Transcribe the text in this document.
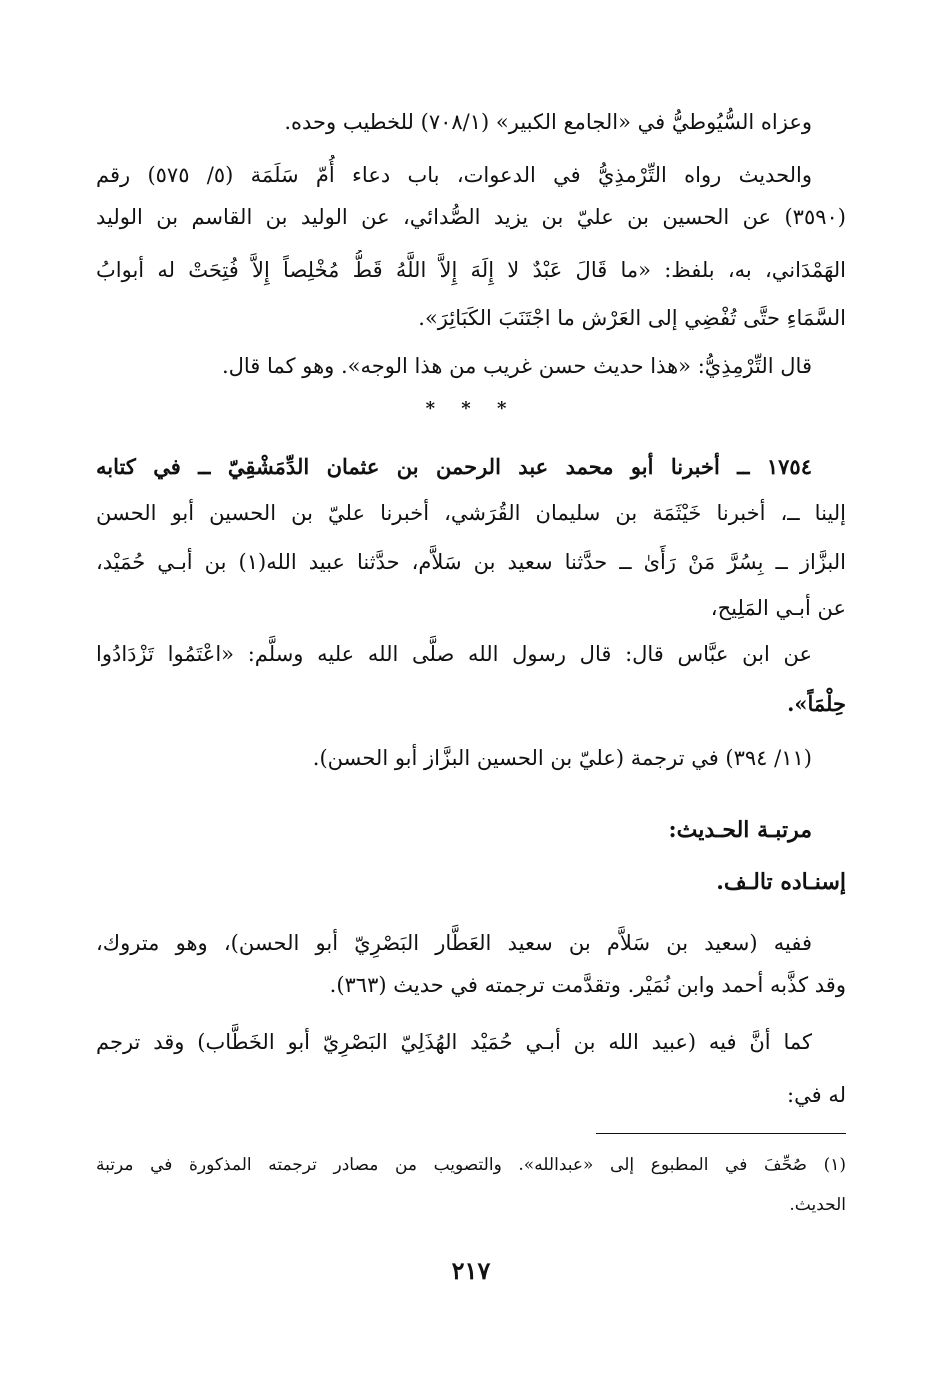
وعزاه السُّيُوطيُّ في «الجامع الكبير» (٧٠٨/١) للخطيب وحده.
والحديث رواه التِّرْمذِيُّ في الدعوات، باب دعاء أُمّ سَلَمَة (٥/ ٥٧٥) رقم
(٣٥٩٠) عن الحسين بن عليّ بن يزيد الصُّدائي، عن الوليد بن القاسم بن الوليد
الهَمْدَاني، به، بلفظ: «ما قَالَ عَبْدٌ لا إِلَهَ إِلاَّ اللَّهُ قَطُّ مُخْلِصاً إِلاَّ فُتِحَتْ له أبوابُ
السَّمَاءِ حتَّى تُفْضِي إلى العَرْش ما اجْتَنَبَ الكَبَائِرَ».
قال التِّرْمِذِيُّ: «هذا حديث حسن غريب من هذا الوجه». وهو كما قال.
* * *
١٧٥٤ ــ أخبرنا أبو محمد عبد الرحمن بن عثمان الدِّمَشْقِيّ ــ في كتابه
إلينا ــ، أخبرنا خَيْثَمَة بن سليمان القُرَشي، أخبرنا عليّ بن الحسين أبو الحسن
البزَّاز ــ بِسُرَّ مَنْ رَأَىٰ ــ حدَّثنا سعيد بن سَلاَّم، حدَّثنا عبيد الله(١) بن أبـي حُمَيْد،
عن أبـي المَلِيح،
عن ابن عبَّاس قال: قال رسول الله صلَّى الله عليه وسلَّم: «اعْتَمُوا تَزْدَادُوا
حِلْمَاً».
(١١/ ٣٩٤) في ترجمة (عليّ بن الحسين البزَّاز أبو الحسن).
مرتبـة الحـديث:
إسنـاده تالـف.
ففيه (سعيد بن سَلاَّم بن سعيد العَطَّار البَصْرِيّ أبو الحسن)، وهو متروك،
وقد كذَّبه أحمد وابن نُمَيْر. وتقدَّمت ترجمته في حديث (٣٦٣).
كما أنَّ فيه (عبيد الله بن أبـي حُمَيْد الهُذَلِيّ البَصْرِيّ أبو الخَطَّاب) وقد ترجم
له في:
(١) صُحِّفَ في المطبوع إلى «عبدالله». والتصويب من مصادر ترجمته المذكورة في مرتبة
الحديث.
٢١٧
